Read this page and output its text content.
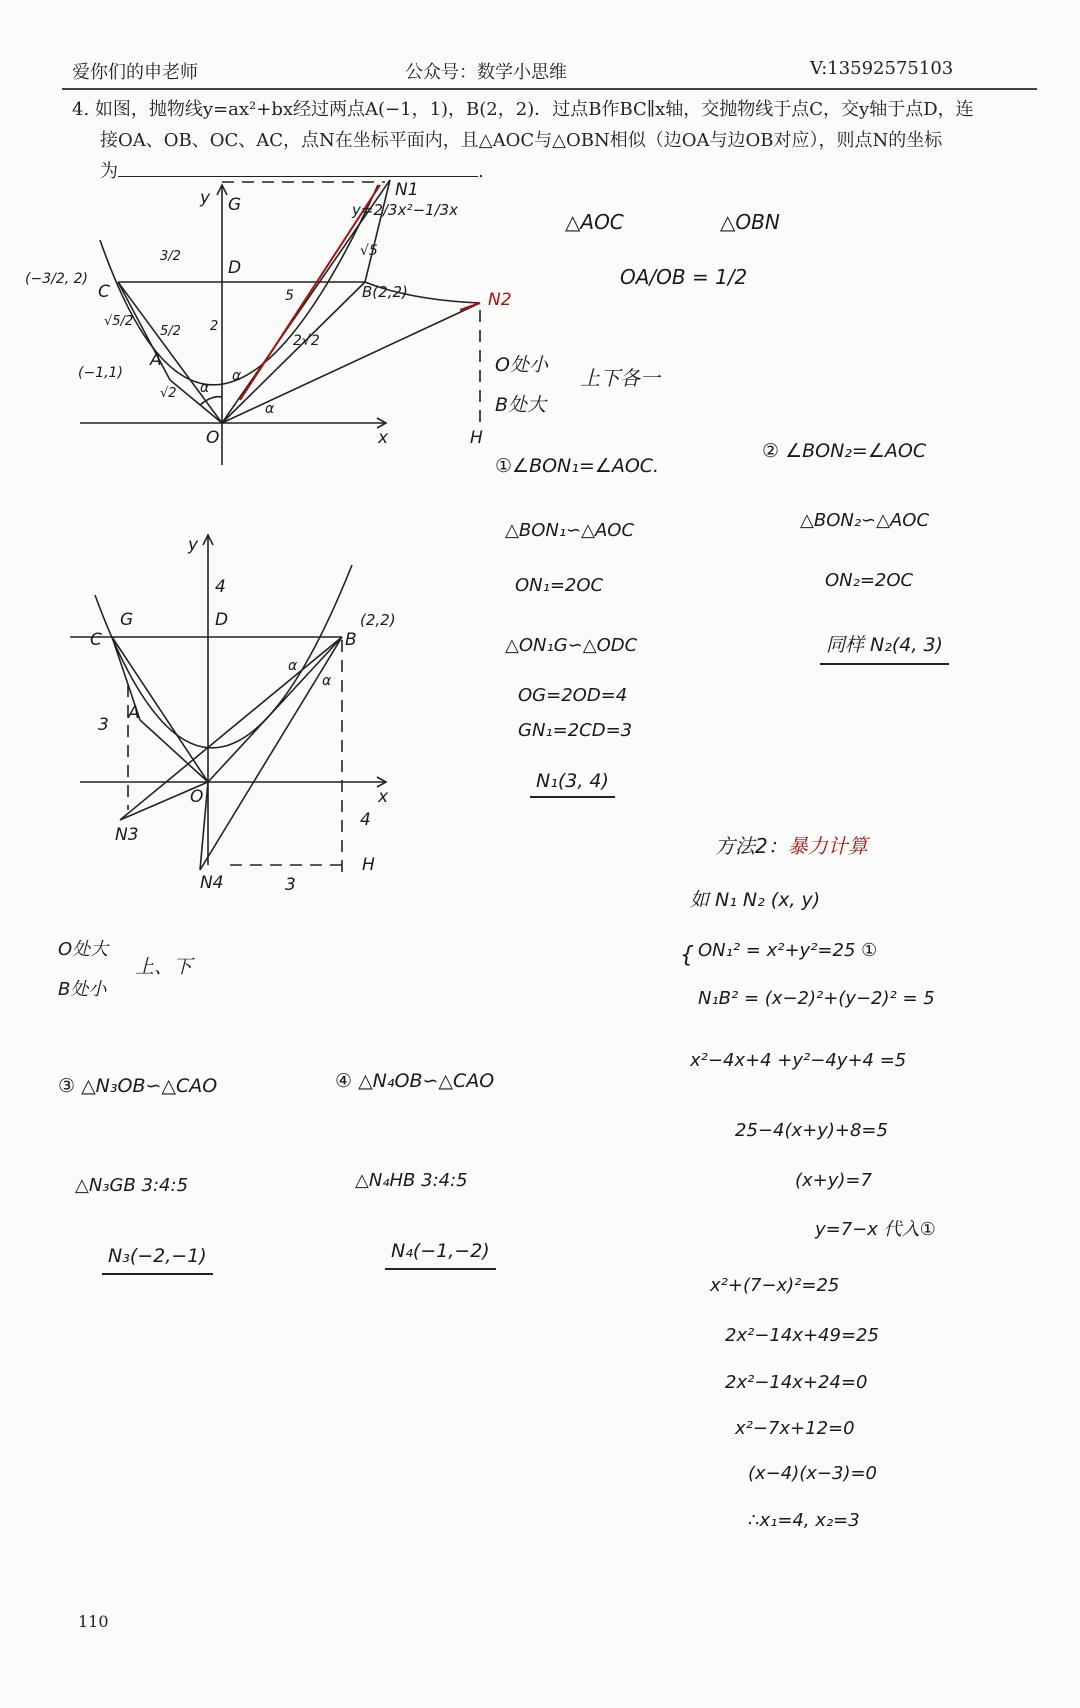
爱你们的申老师	公众号：数学小思维	V:13592575103
4. 如图，抛物线y=ax²+bx经过两点A(−1，1)，B(2，2)．过点B作BC∥x轴，交抛物线于点C，交y轴于点D，连
接OA、OB、OC、AC，点N在坐标平面内，且△AOC与△OBN相似（边OA与边OB对应），则点N的坐标
为	.
G
N1
N2
y=2/3x²−1/3x
√5
C
(−3/2, 2)
D
B(2,2)
A
(−1,1)
O	x
y
H
3/2
2
5
5/2
√5/2
2√2
√2 α
α
α
y
4
D
C
G
B
(2,2)
3
A
O	x
N3
4
N4	3
H
α
α
△AOC	△OBN
OA/OB = 1/2
O处小
B处大
上下各一
①∠BON₁=∠AOC.
△BON₁∽△AOC
ON₁=2OC
△ON₁G∽△ODC
OG=2OD=4
GN₁=2CD=3
N₁(3, 4)
② ∠BON₂=∠AOC
△BON₂∽△AOC
ON₂=2OC
同样 N₂(4, 3)
O处大
B处小
上、下
③ △N₃OB∽△CAO
△N₃GB 3:4:5
N₃(−2,−1)
④ △N₄OB∽△CAO
△N₄HB 3:4:5
N₄(−1,−2)
方法2：暴力计算
如 N₁ N₂ (x, y)
{ ON₁² = x²+y²=25 ①
N₁B² = (x−2)²+(y−2)² = 5
x²−4x+4 +y²−4y+4 =5
25−4(x+y)+8=5
(x+y)=7
y=7−x 代入①
x²+(7−x)²=25
2x²−14x+49=25
2x²−14x+24=0
x²−7x+12=0
(x−4)(x−3)=0
∴x₁=4, x₂=3
110
